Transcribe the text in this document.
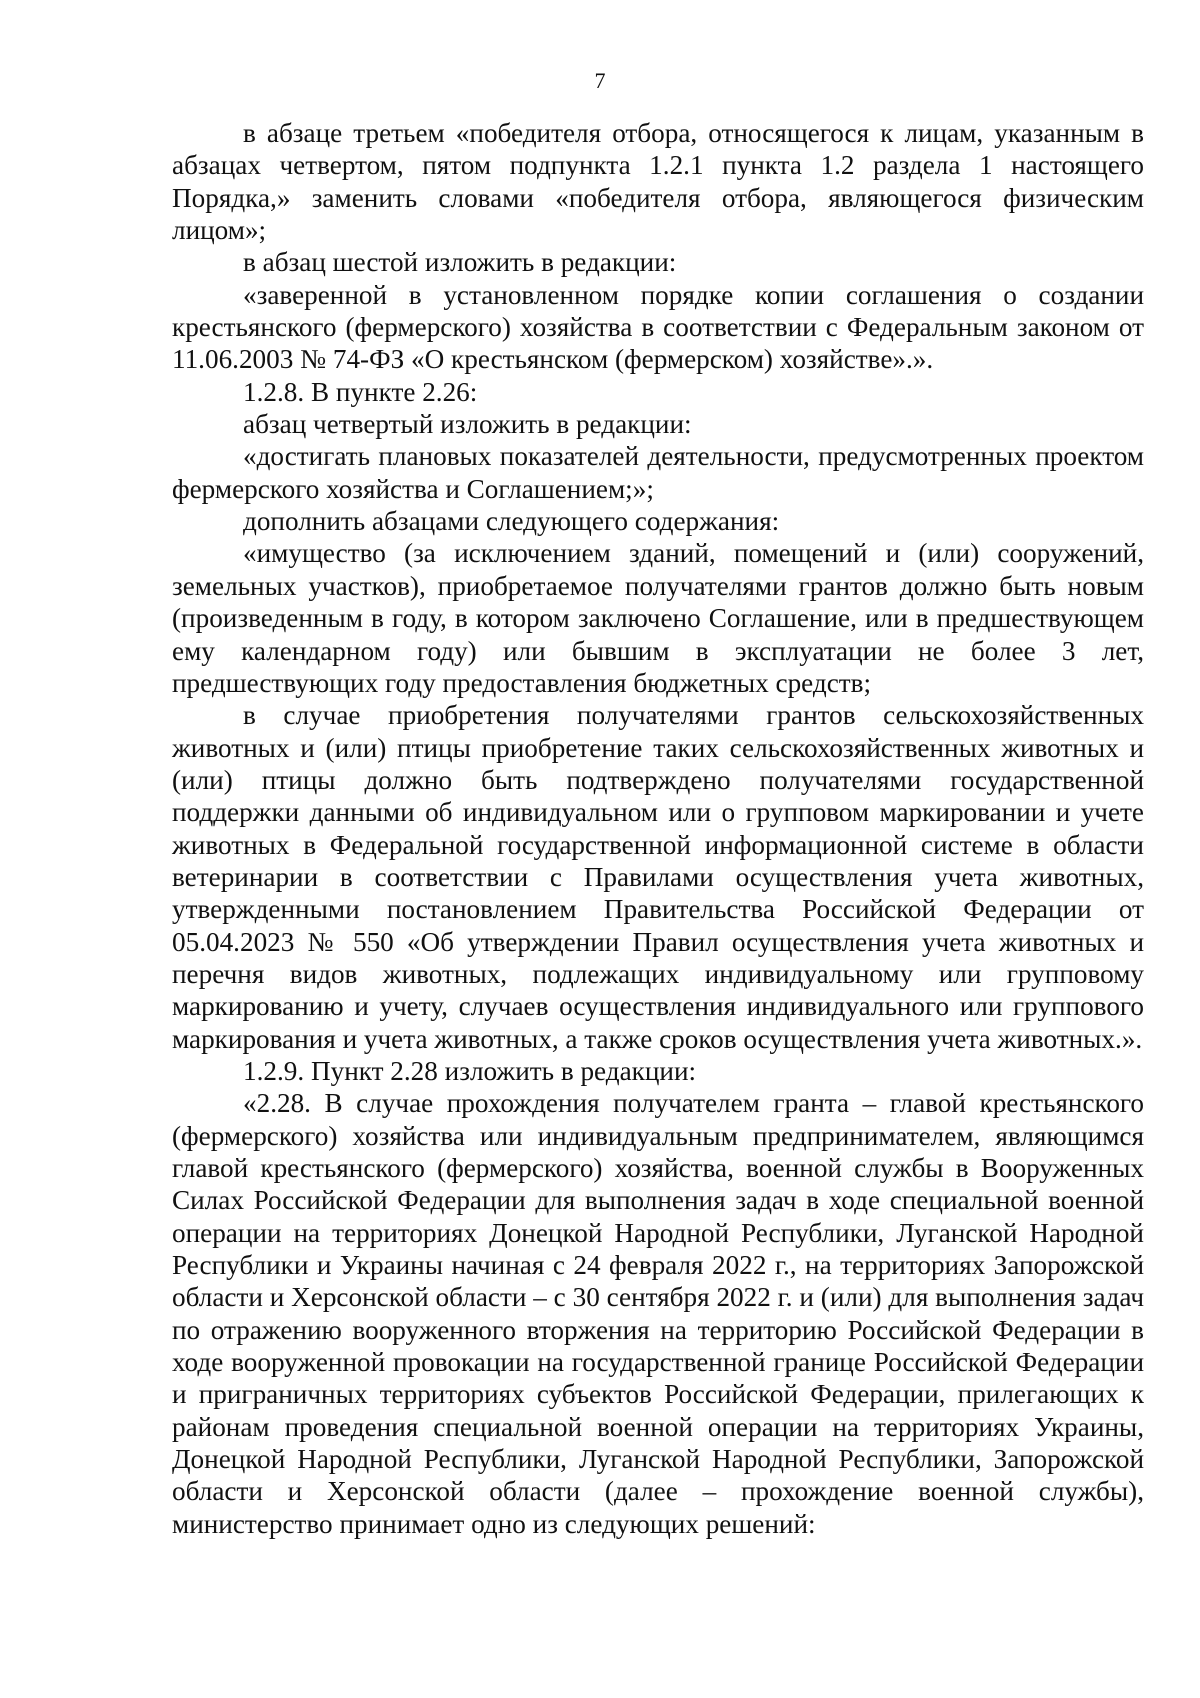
7

в абзаце третьем «победителя отбора, относящегося к лицам, указанным в абзацах четвертом, пятом подпункта 1.2.1 пункта 1.2 раздела 1 настоящего Порядка,» заменить словами «победителя отбора, являющегося физическим лицом»;

в абзац шестой изложить в редакции:

«заверенной в установленном порядке копии соглашения о создании крестьянского (фермерского) хозяйства в соответствии с Федеральным законом от 11.06.2003 № 74-ФЗ «О крестьянском (фермерском) хозяйстве».».

1.2.8. В пункте 2.26:

абзац четвертый изложить в редакции:

«достигать плановых показателей деятельности, предусмотренных проектом фермерского хозяйства и Соглашением;»;

дополнить абзацами следующего содержания:

«имущество (за исключением зданий, помещений и (или) сооружений, земельных участков), приобретаемое получателями грантов должно быть новым (произведенным в году, в котором заключено Соглашение, или в предшествующем ему календарном году) или бывшим в эксплуатации не более 3 лет, предшествующих году предоставления бюджетных средств;

в случае приобретения получателями грантов сельскохозяйственных животных и (или) птицы приобретение таких сельскохозяйственных животных и (или) птицы должно быть подтверждено получателями государственной поддержки данными об индивидуальном или о групповом маркировании и учете животных в Федеральной государственной информационной системе в области ветеринарии в соответствии с Правилами осуществления учета животных, утвержденными постановлением Правительства Российской Федерации от 05.04.2023 № 550 «Об утверждении Правил осуществления учета животных и перечня видов животных, подлежащих индивидуальному или групповому маркированию и учету, случаев осуществления индивидуального или группового маркирования и учета животных, а также сроков осуществления учета животных.».

1.2.9. Пункт 2.28 изложить в редакции:

«2.28. В случае прохождения получателем гранта – главой крестьянского (фермерского) хозяйства или индивидуальным предпринимателем, являющимся главой крестьянского (фермерского) хозяйства, военной службы в Вооруженных Силах Российской Федерации для выполнения задач в ходе специальной военной операции на территориях Донецкой Народной Республики, Луганской Народной Республики и Украины начиная с 24 февраля 2022 г., на территориях Запорожской области и Херсонской области – с 30 сентября 2022 г. и (или) для выполнения задач по отражению вооруженного вторжения на территорию Российской Федерации в ходе вооруженной провокации на государственной границе Российской Федерации и приграничных территориях субъектов Российской Федерации, прилегающих к районам проведения специальной военной операции на территориях Украины, Донецкой Народной Республики, Луганской Народной Республики, Запорожской области и Херсонской области (далее – прохождение военной службы), министерство принимает одно из следующих решений:
